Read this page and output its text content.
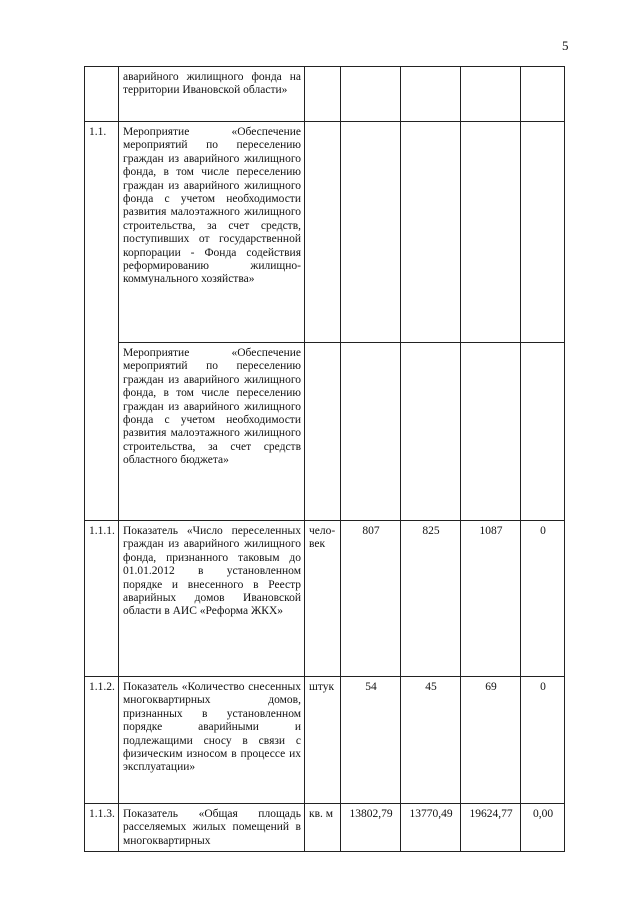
5
	аварийного жилищного фонда на территории Ивановской области»					
1.1.	Мероприятие «Обеспечение мероприятий по переселению граждан из аварийного жилищного фонда, в том числе переселению граждан из аварийного жилищного фонда с учетом необходимости развития малоэтажного жилищного строительства, за счет средств, поступивших от государственной корпорации - Фонда содействия реформированию жилищно-коммунального хозяйства»					
	Мероприятие «Обеспечение мероприятий по переселению граждан из аварийного жилищного фонда, в том числе переселению граждан из аварийного жилищного фонда с учетом необходимости развития малоэтажного жилищного строительства, за счет средств областного бюджета»					
1.1.1.	Показатель «Число переселенных граждан из аварийного жилищного фонда, признанного таковым до 01.01.2012 в установленном порядке и внесенного в Реестр аварийных домов Ивановской области в АИС «Реформа ЖКХ»	чело-век	807	825	1087	0
1.1.2.	Показатель «Количество снесенных многоквартирных домов, признанных в установленном порядке аварийными и подлежащими сносу в связи с физическим износом в процессе их эксплуатации»	штук	54	45	69	0
1.1.3.	Показатель «Общая площадь расселяемых жилых помещений в многоквартирных	кв. м	13802,79	13770,49	19624,77	0,00
